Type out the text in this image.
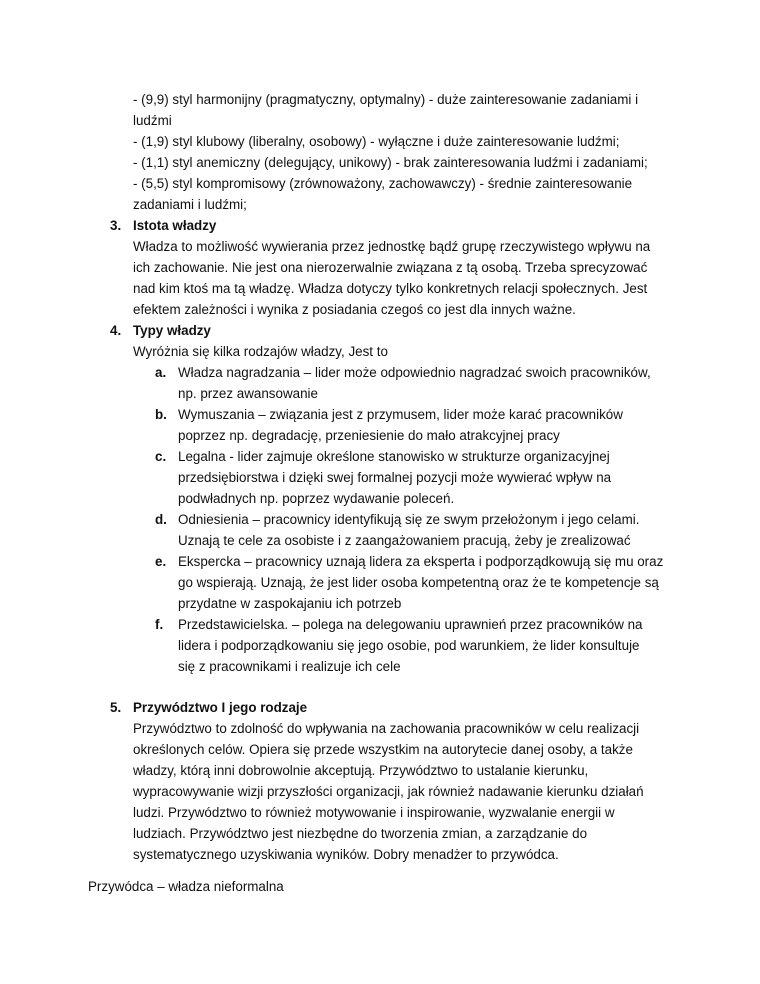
- (9,9) styl harmonijny (pragmatyczny, optymalny) - duże zainteresowanie zadaniami i
ludźmi
- (1,9) styl klubowy (liberalny, osobowy) - wyłączne i duże zainteresowanie ludźmi;
- (1,1) styl anemiczny (delegujący, unikowy) - brak zainteresowania ludźmi i zadaniami;
- (5,5) styl kompromisowy (zrównoważony, zachowawczy) - średnie zainteresowanie
zadaniami i ludźmi;
3. Istota władzy
Władza to możliwość wywierania przez jednostkę bądź grupę rzeczywistego wpływu na
ich zachowanie. Nie jest ona nierozerwalnie związana z tą osobą. Trzeba sprecyzować
nad kim ktoś ma tą władzę. Władza dotyczy tylko konkretnych relacji społecznych. Jest
efektem zależności i wynika z posiadania czegoś co jest dla innych ważne.
4. Typy władzy
Wyróżnia się kilka rodzajów władzy, Jest to
a. Władza nagradzania – lider może odpowiednio nagradzać swoich pracowników,
np. przez awansowanie
b. Wymuszania – związania jest z przymusem, lider może karać pracowników
poprzez np. degradację, przeniesienie do mało atrakcyjnej pracy
c. Legalna - lider zajmuje określone stanowisko w strukturze organizacyjnej
przedsiębiorstwa i dzięki swej formalnej pozycji może wywierać wpływ na
podwładnych np. poprzez wydawanie poleceń.
d. Odniesienia – pracownicy identyfikują się ze swym przełożonym i jego celami.
Uznają te cele za osobiste i z zaangażowaniem pracują, żeby je zrealizować
e. Ekspercka – pracownicy uznają lidera za eksperta i podporządkowują się mu oraz
go wspierają. Uznają, że jest lider osoba kompetentną oraz że te kompetencje są
przydatne w zaspokajaniu ich potrzeb
f. Przedstawicielska. – polega na delegowaniu uprawnień przez pracowników na
lidera i podporządkowaniu się jego osobie, pod warunkiem, że lider konsultuje
się z pracownikami i realizuje ich cele
5. Przywództwo I jego rodzaje
Przywództwo to zdolność do wpływania na zachowania pracowników w celu realizacji
określonych celów. Opiera się przede wszystkim na autorytecie danej osoby, a także
władzy, którą inni dobrowolnie akceptują. Przywództwo to ustalanie kierunku,
wypracowywanie wizji przyszłości organizacji, jak również nadawanie kierunku działań
ludzi. Przywództwo to również motywowanie i inspirowanie, wyzwalanie energii w
ludziach. Przywództwo jest niezbędne do tworzenia zmian, a zarządzanie do
systematycznego uzyskiwania wyników. Dobry menadżer to przywódca.
Przywódca – władza nieformalna
